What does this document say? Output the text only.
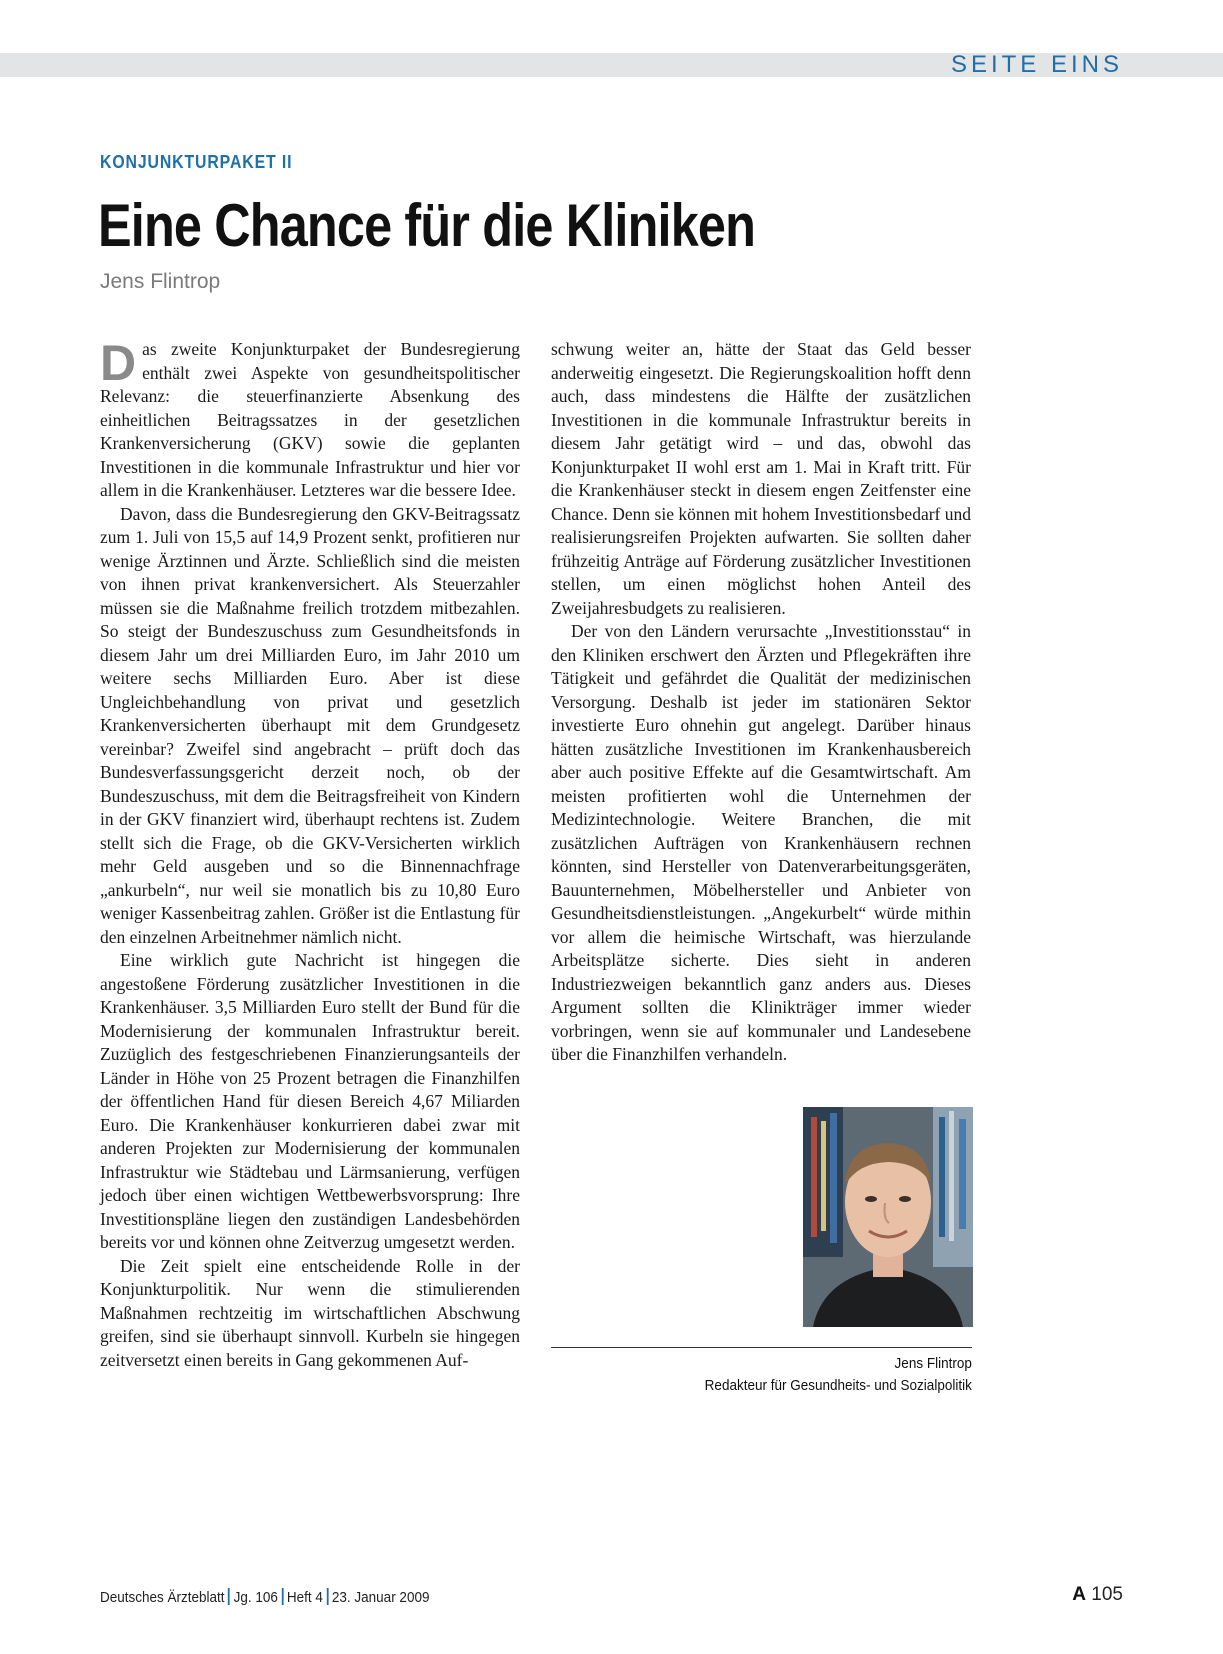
SEITE EINS
KONJUNKTURPAKET II
Eine Chance für die Kliniken
Jens Flintrop

Das zweite Konjunkturpaket der Bundesregierung enthält zwei Aspekte von gesundheitspolitischer Relevanz: die steuerfinanzierte Absenkung des einheitlichen Beitragssatzes in der gesetzlichen Krankenversicherung (GKV) sowie die geplanten Investitionen in die kommunale Infrastruktur und hier vor allem in die Krankenhäuser. Letzteres war die bessere Idee.

Davon, dass die Bundesregierung den GKV-Beitragssatz zum 1. Juli von 15,5 auf 14,9 Prozent senkt, profitieren nur wenige Ärztinnen und Ärzte. Schließlich sind die meisten von ihnen privat krankenversichert. Als Steuerzahler müssen sie die Maßnahme freilich trotzdem mitbezahlen. So steigt der Bundeszuschuss zum Gesundheitsfonds in diesem Jahr um drei Milliarden Euro, im Jahr 2010 um weitere sechs Milliarden Euro. Aber ist diese Ungleichbehandlung von privat und gesetzlich Krankenversicherten überhaupt mit dem Grundgesetz vereinbar? Zweifel sind angebracht – prüft doch das Bundesverfassungsgericht derzeit noch, ob der Bundeszuschuss, mit dem die Beitragsfreiheit von Kindern in der GKV finanziert wird, überhaupt rechtens ist. Zudem stellt sich die Frage, ob die GKV-Versicherten wirklich mehr Geld ausgeben und so die Binnennachfrage „ankurbeln“, nur weil sie monatlich bis zu 10,80 Euro weniger Kassenbeitrag zahlen. Größer ist die Entlastung für den einzelnen Arbeitnehmer nämlich nicht.

Eine wirklich gute Nachricht ist hingegen die angestoßene Förderung zusätzlicher Investitionen in die Krankenhäuser. 3,5 Milliarden Euro stellt der Bund für die Modernisierung der kommunalen Infrastruktur bereit. Zuzüglich des festgeschriebenen Finanzierungsanteils der Länder in Höhe von 25 Prozent betragen die Finanzhilfen der öffentlichen Hand für diesen Bereich 4,67 Miliarden Euro. Die Krankenhäuser konkurrieren dabei zwar mit anderen Projekten zur Modernisierung der kommunalen Infrastruktur wie Städtebau und Lärmsanierung, verfügen jedoch über einen wichtigen Wettbewerbsvorsprung: Ihre Investitionspläne liegen den zuständigen Landesbehörden bereits vor und können ohne Zeitverzug umgesetzt werden.

Die Zeit spielt eine entscheidende Rolle in der Konjunkturpolitik. Nur wenn die stimulierenden Maßnahmen rechtzeitig im wirtschaftlichen Abschwung greifen, sind sie überhaupt sinnvoll. Kurbeln sie hingegen zeitversetzt einen bereits in Gang gekommenen Auf-

schwung weiter an, hätte der Staat das Geld besser anderweitig eingesetzt. Die Regierungskoalition hofft denn auch, dass mindestens die Hälfte der zusätzlichen Investitionen in die kommunale Infrastruktur bereits in diesem Jahr getätigt wird – und das, obwohl das Konjunkturpaket II wohl erst am 1. Mai in Kraft tritt. Für die Krankenhäuser steckt in diesem engen Zeitfenster eine Chance. Denn sie können mit hohem Investitionsbedarf und realisierungsreifen Projekten aufwarten. Sie sollten daher frühzeitig Anträge auf Förderung zusätzlicher Investitionen stellen, um einen möglichst hohen Anteil des Zweijahresbudgets zu realisieren.

Der von den Ländern verursachte „Investitionsstau“ in den Kliniken erschwert den Ärzten und Pflegekräften ihre Tätigkeit und gefährdet die Qualität der medizinischen Versorgung. Deshalb ist jeder im stationären Sektor investierte Euro ohnehin gut angelegt. Darüber hinaus hätten zusätzliche Investitionen im Krankenhausbereich aber auch positive Effekte auf die Gesamtwirtschaft. Am meisten profitierten wohl die Unternehmen der Medizintechnologie. Weitere Branchen, die mit zusätzlichen Aufträgen von Krankenhäusern rechnen könnten, sind Hersteller von Datenverarbeitungsgeräten, Bauunternehmen, Möbelhersteller und Anbieter von Gesundheitsdienstleistungen. „Angekurbelt“ würde mithin vor allem die heimische Wirtschaft, was hierzulande Arbeitsplätze sicherte. Dies sieht in anderen Industriezweigen bekanntlich ganz anders aus. Dieses Argument sollten die Klinikträger immer wieder vorbringen, wenn sie auf kommunaler und Landesebene über die Finanzhilfen verhandeln.

Jens Flintrop
Redakteur für Gesundheits- und Sozialpolitik
Deutsches Ärzteblatt Jg. 106 Heft 4 23. Januar 2009	A 105
